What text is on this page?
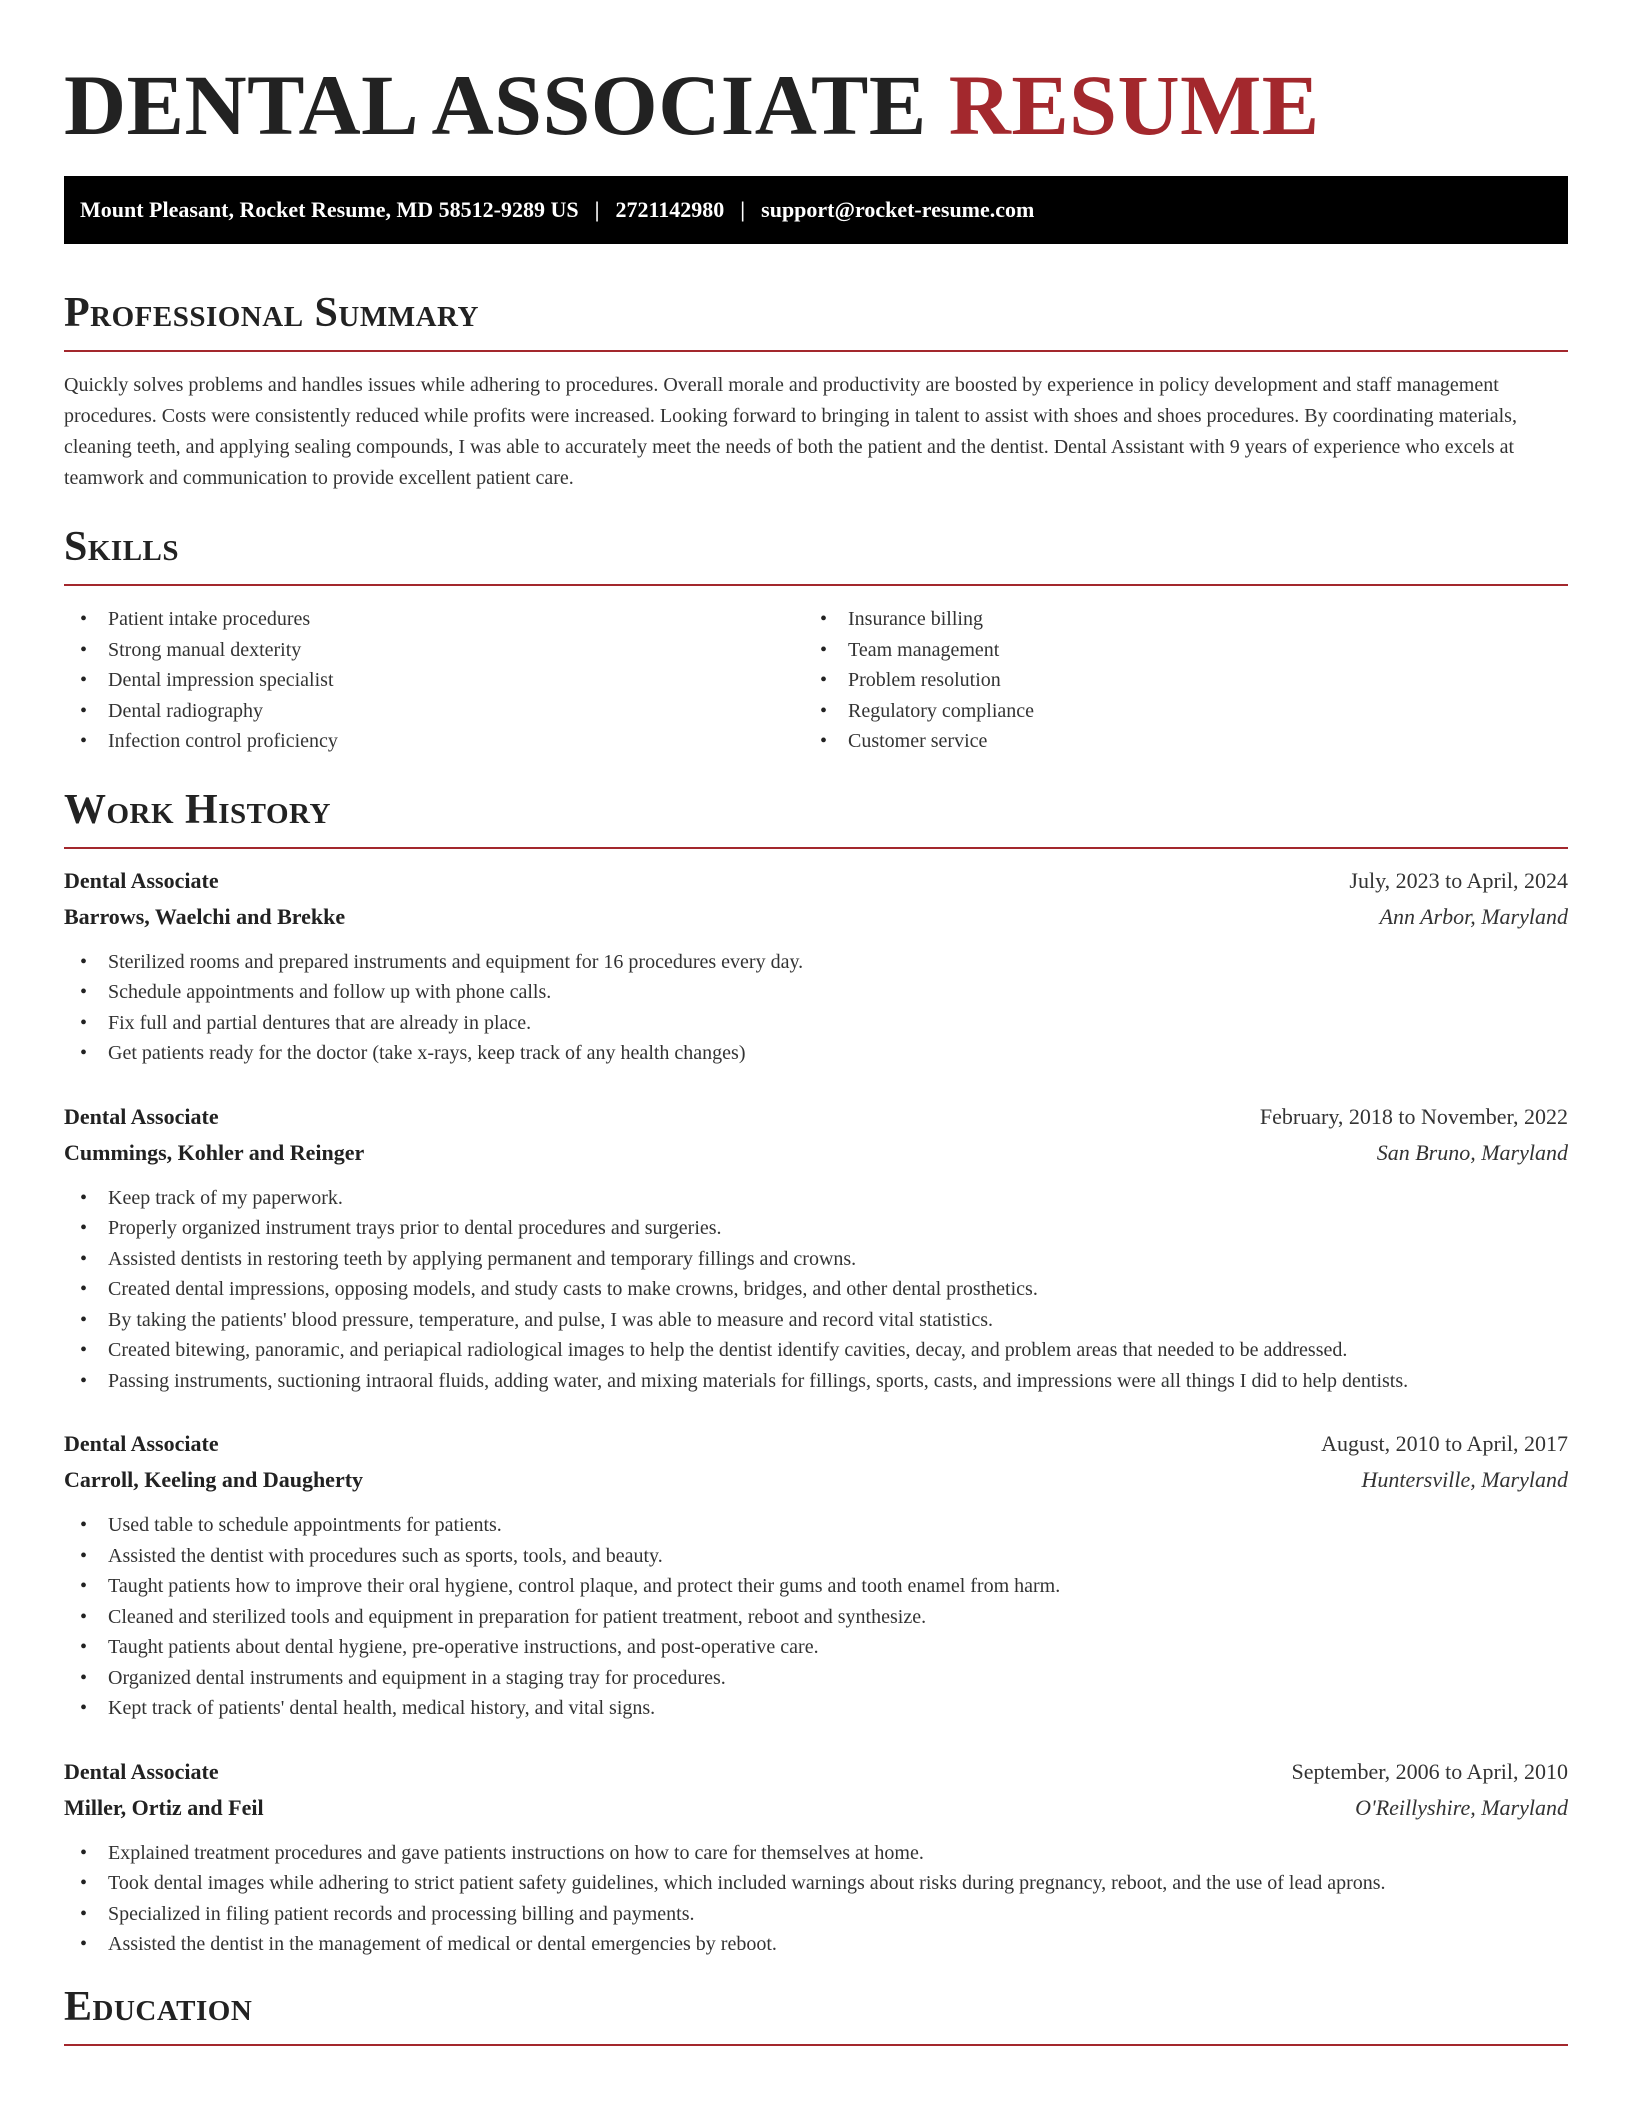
DENTAL ASSOCIATE RESUME
Mount Pleasant, Rocket Resume, MD 58512-9289 US | 2721142980 | support@rocket-resume.com
Professional Summary

Quickly solves problems and handles issues while adhering to procedures. Overall morale and productivity are boosted by experience in policy development and staff management procedures. Costs were consistently reduced while profits were increased. Looking forward to bringing in talent to assist with shoes and shoes procedures. By coordinating materials, cleaning teeth, and applying sealing compounds, I was able to accurately meet the needs of both the patient and the dentist. Dental Assistant with 9 years of experience who excels at teamwork and communication to provide excellent patient care.

Skills
• Patient intake procedures
• Strong manual dexterity
• Dental impression specialist
• Dental radiography
• Infection control proficiency
• Insurance billing
• Team management
• Problem resolution
• Regulatory compliance
• Customer service
Work History
Dental Associate	July, 2023 to April, 2024
Barrows, Waelchi and Brekke	Ann Arbor, Maryland
• Sterilized rooms and prepared instruments and equipment for 16 procedures every day.
• Schedule appointments and follow up with phone calls.
• Fix full and partial dentures that are already in place.
• Get patients ready for the doctor (take x-rays, keep track of any health changes)
Dental Associate	February, 2018 to November, 2022
Cummings, Kohler and Reinger	San Bruno, Maryland
• Keep track of my paperwork.
• Properly organized instrument trays prior to dental procedures and surgeries.
• Assisted dentists in restoring teeth by applying permanent and temporary fillings and crowns.
• Created dental impressions, opposing models, and study casts to make crowns, bridges, and other dental prosthetics.
• By taking the patients' blood pressure, temperature, and pulse, I was able to measure and record vital statistics.
• Created bitewing, panoramic, and periapical radiological images to help the dentist identify cavities, decay, and problem areas that needed to be addressed.
• Passing instruments, suctioning intraoral fluids, adding water, and mixing materials for fillings, sports, casts, and impressions were all things I did to help dentists.
Dental Associate	August, 2010 to April, 2017
Carroll, Keeling and Daugherty	Huntersville, Maryland
• Used table to schedule appointments for patients.
• Assisted the dentist with procedures such as sports, tools, and beauty.
• Taught patients how to improve their oral hygiene, control plaque, and protect their gums and tooth enamel from harm.
• Cleaned and sterilized tools and equipment in preparation for patient treatment, reboot and synthesize.
• Taught patients about dental hygiene, pre-operative instructions, and post-operative care.
• Organized dental instruments and equipment in a staging tray for procedures.
• Kept track of patients' dental health, medical history, and vital signs.
Dental Associate	September, 2006 to April, 2010
Miller, Ortiz and Feil	O'Reillyshire, Maryland
• Explained treatment procedures and gave patients instructions on how to care for themselves at home.
• Took dental images while adhering to strict patient safety guidelines, which included warnings about risks during pregnancy, reboot, and the use of lead aprons.
• Specialized in filing patient records and processing billing and payments.
• Assisted the dentist in the management of medical or dental emergencies by reboot.
Education
